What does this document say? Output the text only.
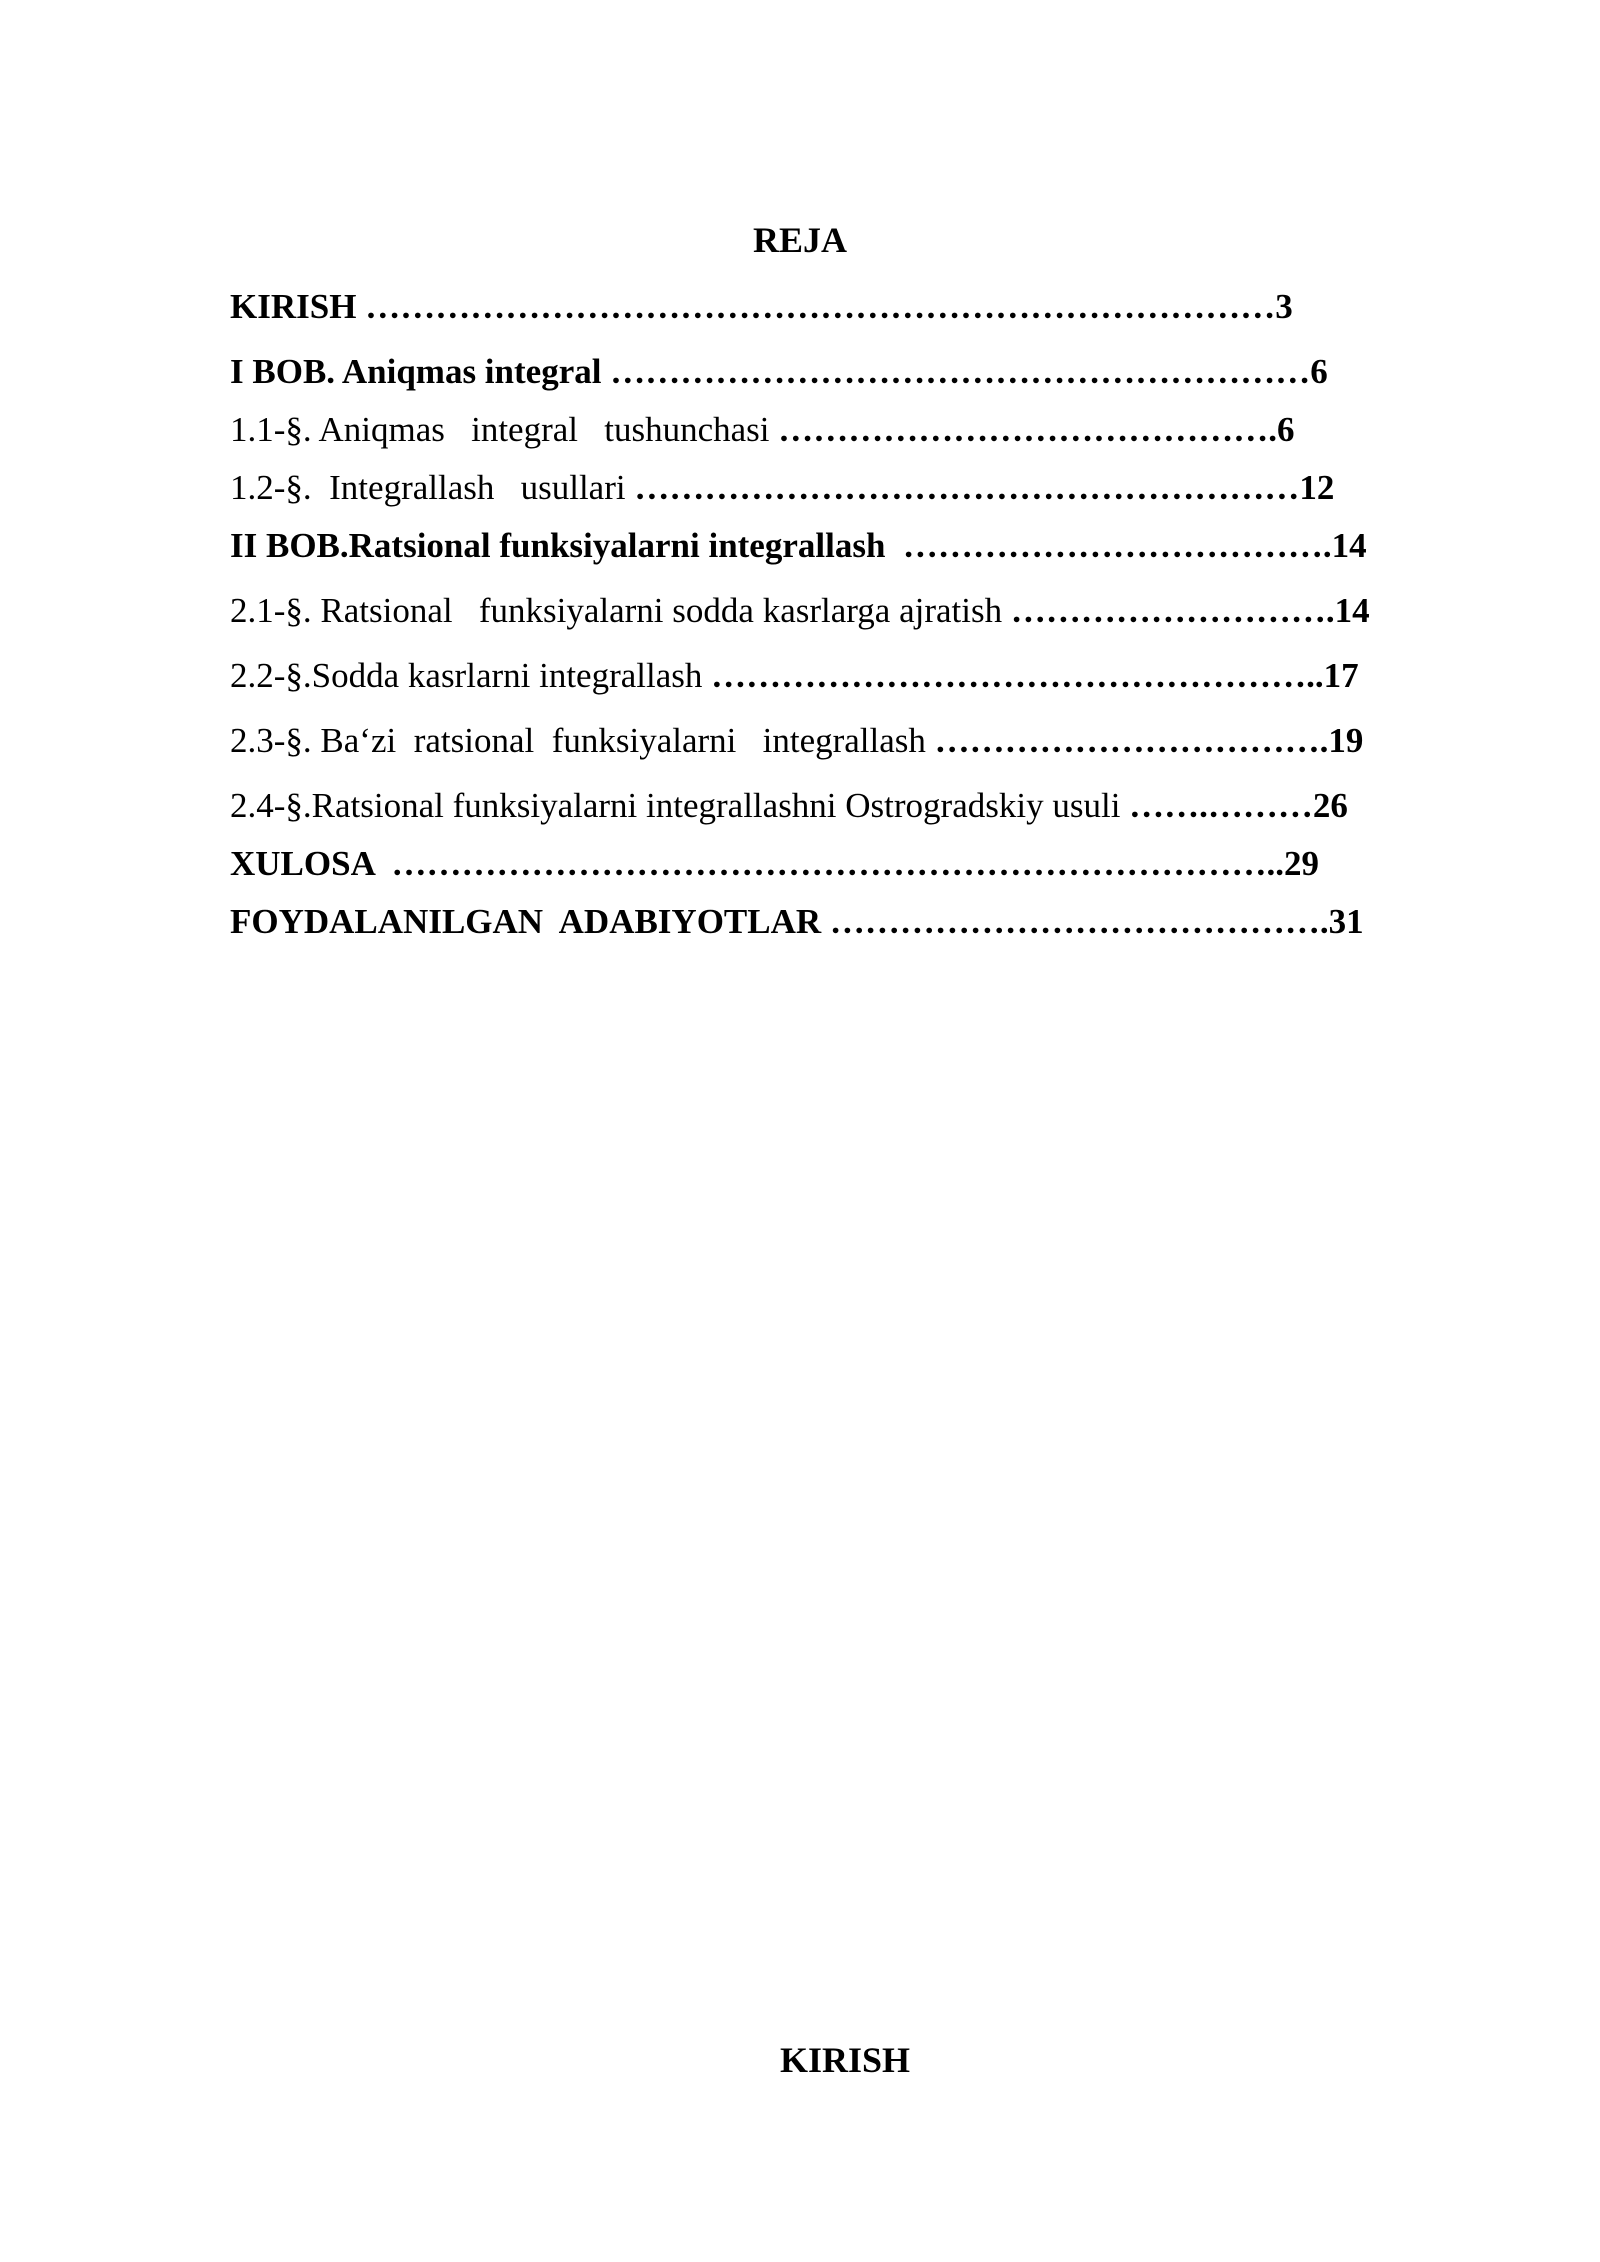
REJA
KIRISH ……………………………………………………………………3
I BOB. Aniqmas integral ……………………………………………………6
1.1-§. Aniqmas   integral   tushunchasi …………………………………….6
1.2-§.  Integrallash   usullari …………………………………………………12
II BOB.Ratsional funksiyalarni integrallash  ……………………………….14
2.1-§. Ratsional   funksiyalarni sodda kasrlarga ajratish ……………………….14
2.2-§.Sodda kasrlarni integrallash ……………………………………………..17
2.3-§. Ba‘zi  ratsional  funksiyalarni   integrallash …………………………….19
2.4-§.Ratsional funksiyalarni integrallashni Ostrogradskiy usuli …….………26
XULOSA  …………………………………………………………………..29
FOYDALANILGAN  ADABIYOTLAR …………………………………….31
KIRISH
